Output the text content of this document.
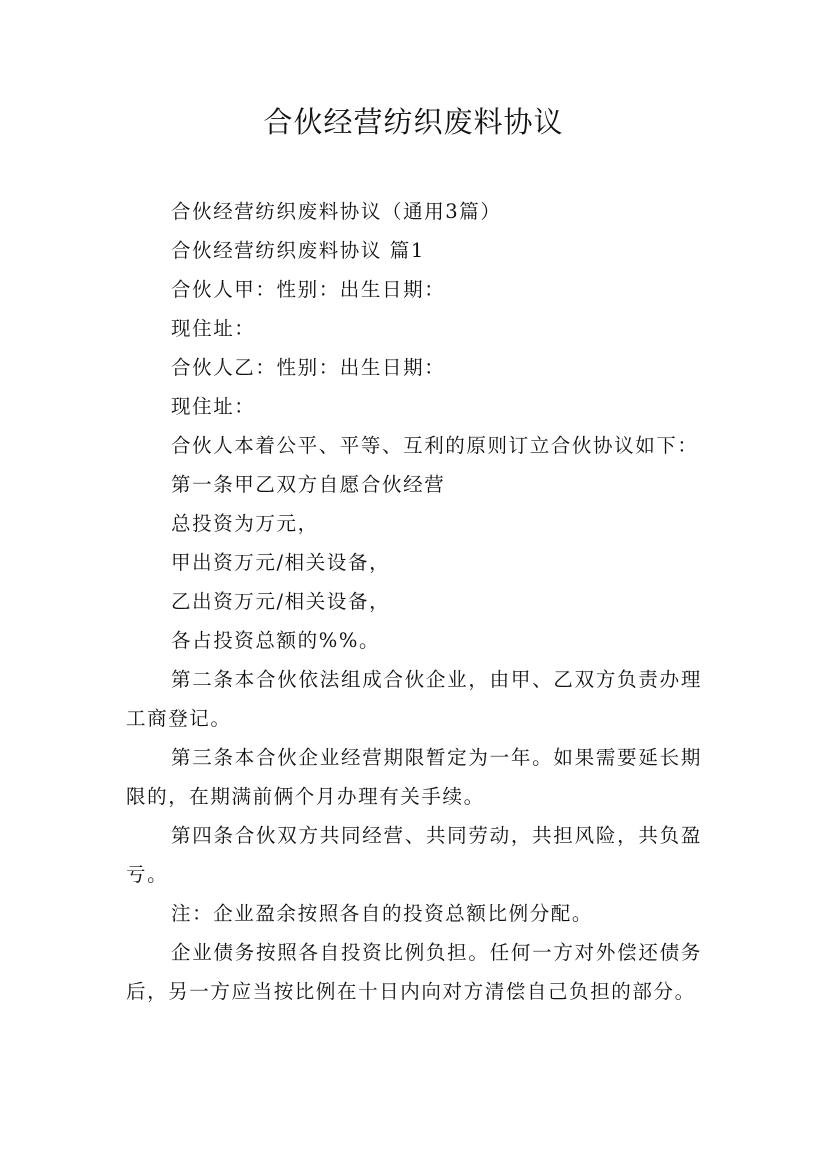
合伙经营纺织废料协议

合伙经营纺织废料协议（通用3篇）

合伙经营纺织废料协议 篇1

合伙人甲：性别：出生日期：

现住址：

合伙人乙：性别：出生日期：

现住址：

合伙人本着公平、平等、互利的原则订立合伙协议如下：

第一条甲乙双方自愿合伙经营

总投资为万元，

甲出资万元/相关设备，

乙出资万元/相关设备，

各占投资总额的%%。

第二条本合伙依法组成合伙企业，由甲、乙双方负责办理工商登记。

第三条本合伙企业经营期限暂定为一年。如果需要延长期限的，在期满前俩个月办理有关手续。

第四条合伙双方共同经营、共同劳动，共担风险，共负盈亏。

注：企业盈余按照各自的投资总额比例分配。

企业债务按照各自投资比例负担。任何一方对外偿还债务后，另一方应当按比例在十日内向对方清偿自己负担的部分。
